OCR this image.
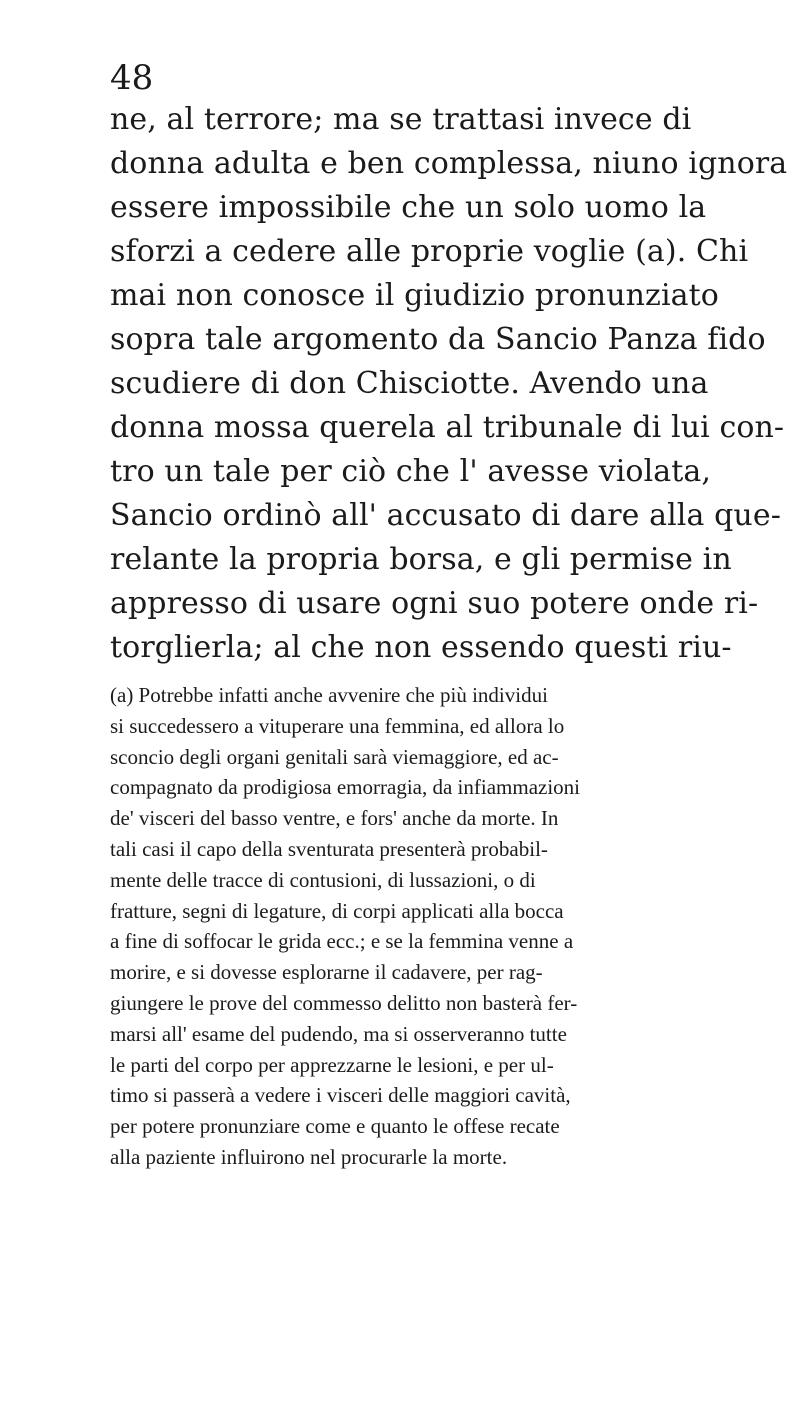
48
ne, al terrore; ma se trattasi invece di
donna adulta e ben complessa, niuno ignora
essere impossibile che un solo uomo la
sforzi a cedere alle proprie voglie (a). Chi
mai non conosce il giudizio pronunziato
sopra tale argomento da Sancio Panza fido
scudiere di don Chisciotte. Avendo una
donna mossa querela al tribunale di lui con-
tro un tale per ciò che l' avesse violata,
Sancio ordinò all' accusato di dare alla que-
relante la propria borsa, e gli permise in
appresso di usare ogni suo potere onde ri-
torglierla; al che non essendo questi riu-
(a) Potrebbe infatti anche avvenire che più individui
si succedessero a vituperare una femmina, ed allora lo
sconcio degli organi genitali sarà viemaggiore, ed ac-
compagnato da prodigiosa emorragia, da infiammazioni
de' visceri del basso ventre, e fors' anche da morte. In
tali casi il capo della sventurata presenterà probabil-
mente delle tracce di contusioni, di lussazioni, o di
fratture, segni di legature, di corpi applicati alla bocca
a fine di soffocar le grida ecc.; e se la femmina venne a
morire, e si dovesse esplorarne il cadavere, per rag-
giungere le prove del commesso delitto non basterà fer-
marsi all' esame del pudendo, ma si osserveranno tutte
le parti del corpo per apprezzarne le lesioni, e per ul-
timo si passerà a vedere i visceri delle maggiori cavità,
per potere pronunziare come e quanto le offese recate
alla paziente influirono nel procurarle la morte.
